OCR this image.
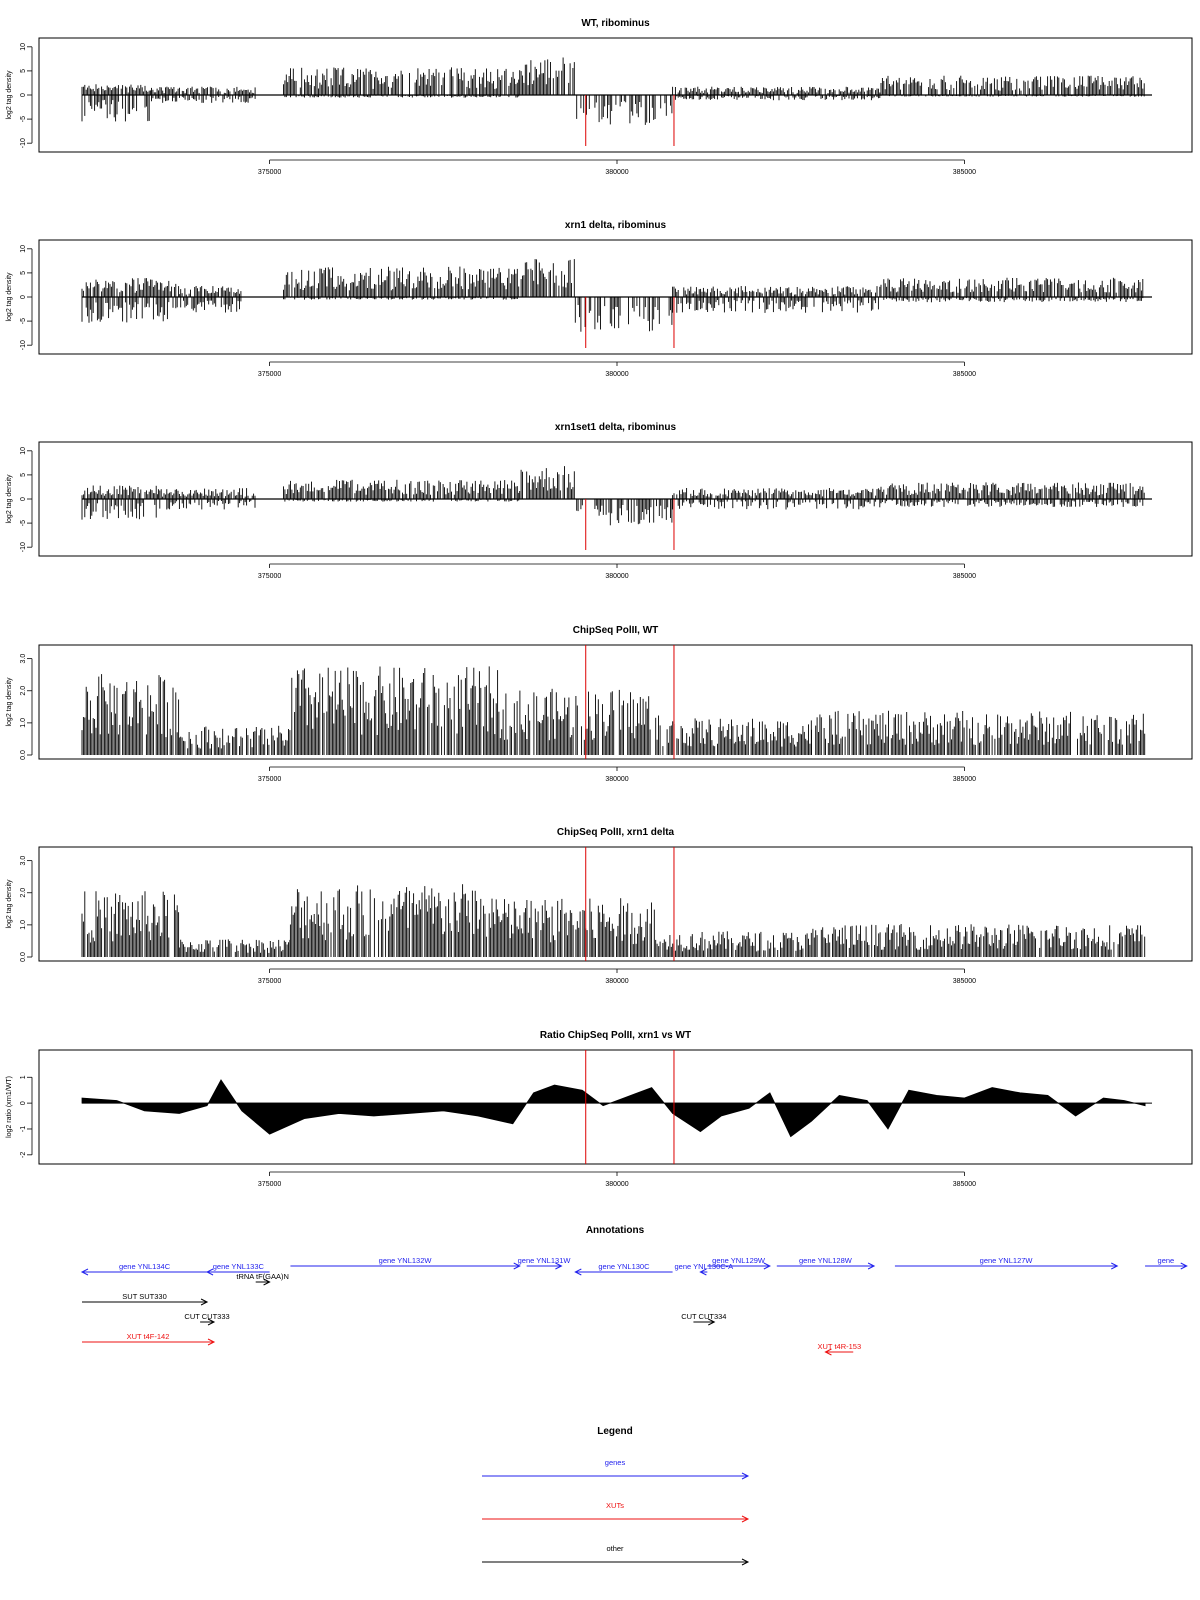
WT, ribominus
10
5
0
-5
-10
log2 tag density
375000	380000	385000
xrn1 delta, ribominus
10
5
0
-5
-10
log2 tag density
375000	380000	385000
xrn1set1 delta, ribominus
10
5
0
-5
-10
log2 tag density
375000	380000	385000
ChipSeq PolII, WT
0.0
1.0
2.0
3.0
log2 tag density
375000	380000	385000
ChipSeq PolII, xrn1 delta
0.0
1.0
2.0
3.0
log2 tag density
375000	380000	385000
Ratio ChipSeq PolII, xrn1 vs WT
1
0
-1
-2
log2 ratio (xrn1/WT)
375000	380000	385000
Annotations
gene YNL134C	gene YNL133C
tRNA tF(GAA)N
gene YNL132W	gene YNL131W
gene YNL130C	gene YNL130C-A
gene YNL129W	gene YNL128W	gene YNL127W	gene
SUT SUT330
CUT CUT333	CUT CUT334
XUT t4F-142
XUT t4R-153
Legend
genes
XUTs
other
